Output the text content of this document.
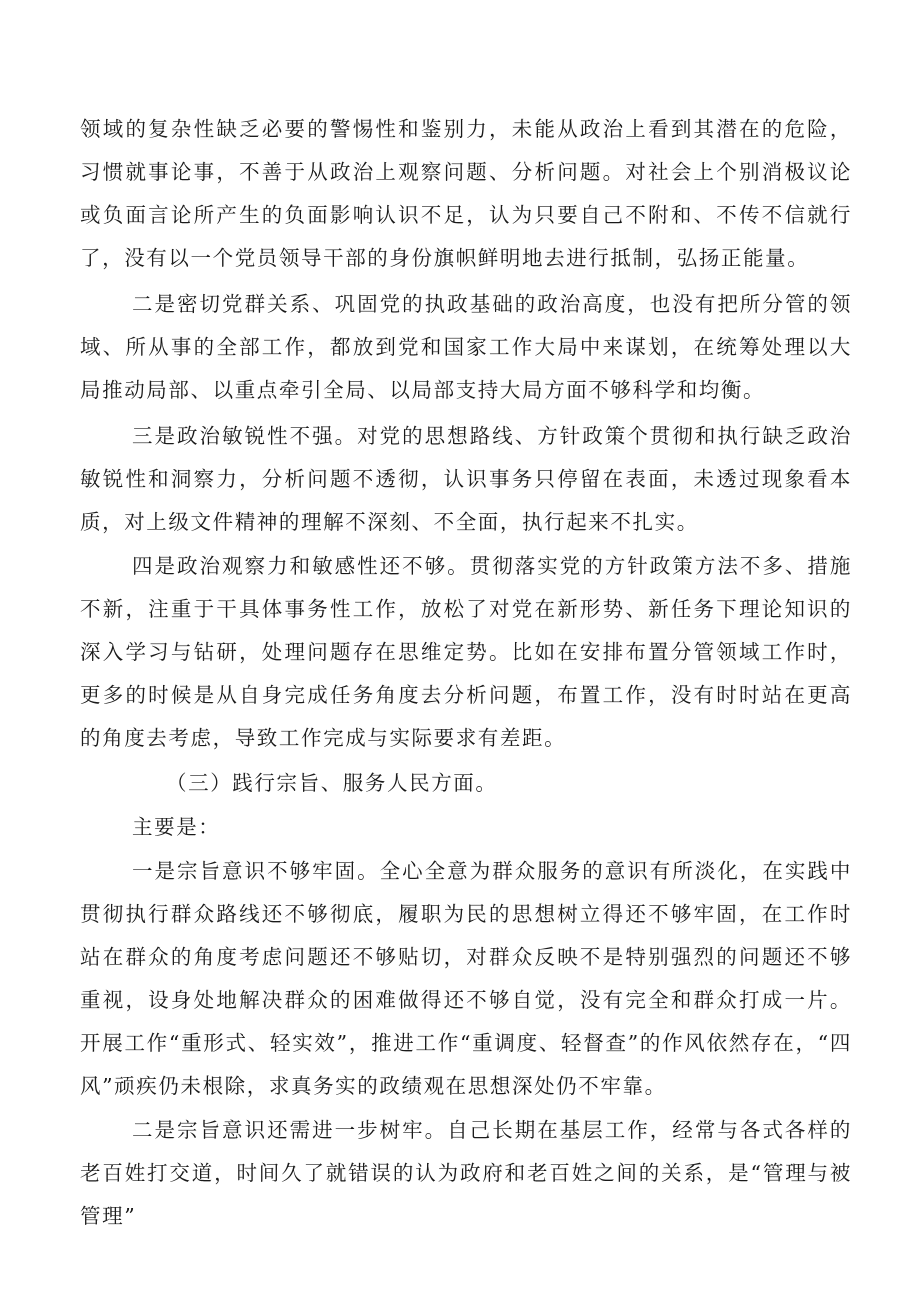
领域的复杂性缺乏必要的警惕性和鉴别力，未能从政治上看到其潜在的危险，习惯就事论事，不善于从政治上观察问题、分析问题。对社会上个别消极议论或负面言论所产生的负面影响认识不足，认为只要自己不附和、不传不信就行了，没有以一个党员领导干部的身份旗帜鲜明地去进行抵制，弘扬正能量。

二是密切党群关系、巩固党的执政基础的政治高度，也没有把所分管的领域、所从事的全部工作，都放到党和国家工作大局中来谋划，在统筹处理以大局推动局部、以重点牵引全局、以局部支持大局方面不够科学和均衡。

三是政治敏锐性不强。对党的思想路线、方针政策个贯彻和执行缺乏政治敏锐性和洞察力，分析问题不透彻，认识事务只停留在表面，未透过现象看本质，对上级文件精神的理解不深刻、不全面，执行起来不扎实。

四是政治观察力和敏感性还不够。贯彻落实党的方针政策方法不多、措施不新，注重于干具体事务性工作，放松了对党在新形势、新任务下理论知识的深入学习与钻研，处理问题存在思维定势。比如在安排布置分管领域工作时，更多的时候是从自身完成任务角度去分析问题，布置工作，没有时时站在更高的角度去考虑，导致工作完成与实际要求有差距。

（三）践行宗旨、服务人民方面。

主要是：

一是宗旨意识不够牢固。全心全意为群众服务的意识有所淡化，在实践中贯彻执行群众路线还不够彻底，履职为民的思想树立得还不够牢固，在工作时站在群众的角度考虑问题还不够贴切，对群众反映不是特别强烈的问题还不够重视，设身处地解决群众的困难做得还不够自觉，没有完全和群众打成一片。开展工作“重形式、轻实效”，推进工作“重调度、轻督查”的作风依然存在，“四风”顽疾仍未根除，求真务实的政绩观在思想深处仍不牢靠。

二是宗旨意识还需进一步树牢。自己长期在基层工作，经常与各式各样的老百姓打交道，时间久了就错误的认为政府和老百姓之间的关系，是“管理与被管理”
